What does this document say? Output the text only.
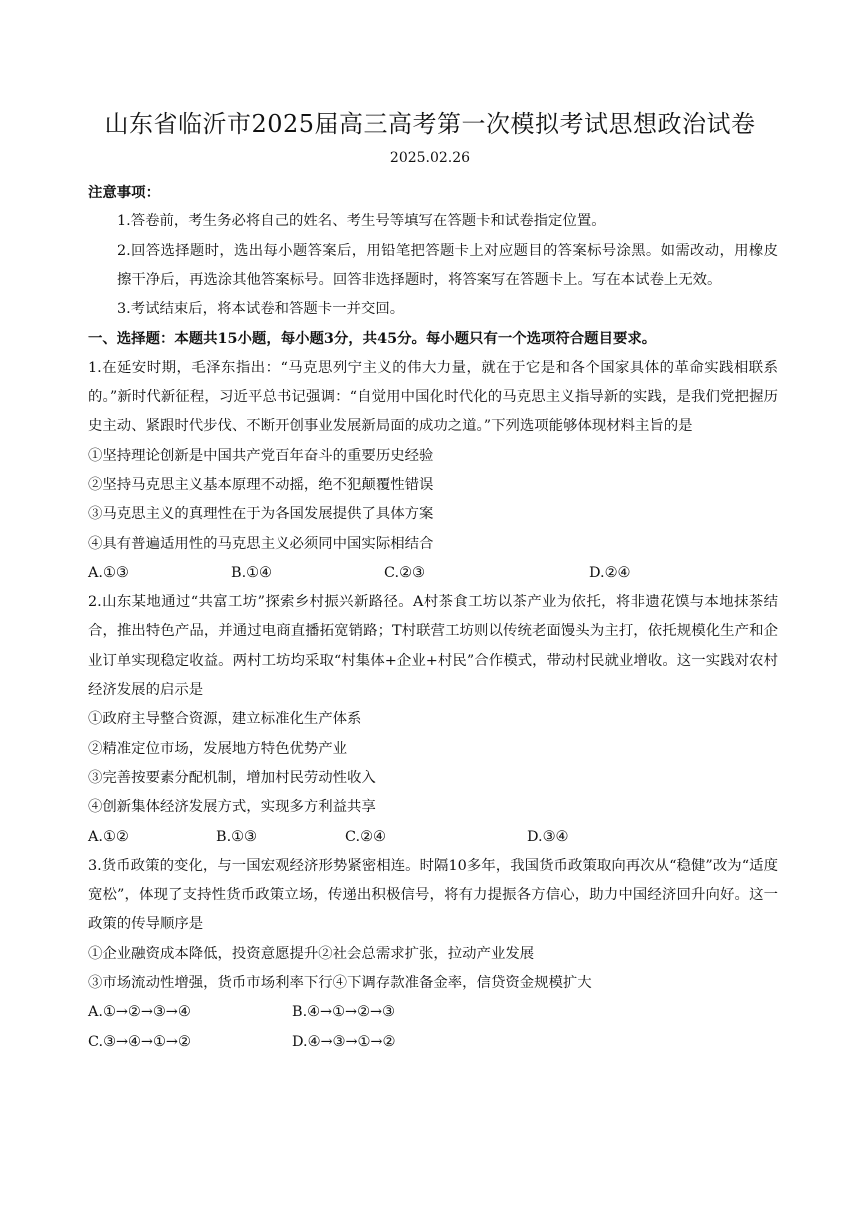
山东省临沂市2025届高三高考第一次模拟考试思想政治试卷
2025.02.26
注意事项：
1.答卷前，考生务必将自己的姓名、考生号等填写在答题卡和试卷指定位置。
2.回答选择题时，选出每小题答案后，用铅笔把答题卡上对应题目的答案标号涂黑。如需改动，用橡皮擦干净后，再选涂其他答案标号。回答非选择题时，将答案写在答题卡上。写在本试卷上无效。
3.考试结束后，将本试卷和答题卡一并交回。
一、选择题：本题共15小题，每小题3分，共45分。每小题只有一个选项符合题目要求。
1.在延安时期，毛泽东指出：“马克思列宁主义的伟大力量，就在于它是和各个国家具体的革命实践相联系的。”新时代新征程，习近平总书记强调：“自觉用中国化时代化的马克思主义指导新的实践，是我们党把握历史主动、紧跟时代步伐、不断开创事业发展新局面的成功之道。”下列选项能够体现材料主旨的是
①坚持理论创新是中国共产党百年奋斗的重要历史经验
②坚持马克思主义基本原理不动摇，绝不犯颠覆性错误
③马克思主义的真理性在于为各国发展提供了具体方案
④具有普遍适用性的马克思主义必须同中国实际相结合
A.①③	B.①④	C.②③	D.②④
2.山东某地通过“共富工坊”探索乡村振兴新路径。A村茶食工坊以茶产业为依托，将非遗花馍与本地抹茶结合，推出特色产品，并通过电商直播拓宽销路；T村联营工坊则以传统老面馒头为主打，依托规模化生产和企业订单实现稳定收益。两村工坊均采取“村集体+企业+村民”合作模式，带动村民就业增收。这一实践对农村经济发展的启示是
①政府主导整合资源，建立标准化生产体系
②精准定位市场，发展地方特色优势产业
③完善按要素分配机制，增加村民劳动性收入
④创新集体经济发展方式，实现多方利益共享
A.①②	B.①③	C.②④	D.③④
3.货币政策的变化，与一国宏观经济形势紧密相连。时隔10多年，我国货币政策取向再次从“稳健”改为“适度宽松”，体现了支持性货币政策立场，传递出积极信号，将有力提振各方信心，助力中国经济回升向好。这一政策的传导顺序是
①企业融资成本降低，投资意愿提升②社会总需求扩张，拉动产业发展
③市场流动性增强，货币市场利率下行④下调存款准备金率，信贷资金规模扩大
A.①→②→③→④	B.④→①→②→③
C.③→④→①→②	D.④→③→①→②
